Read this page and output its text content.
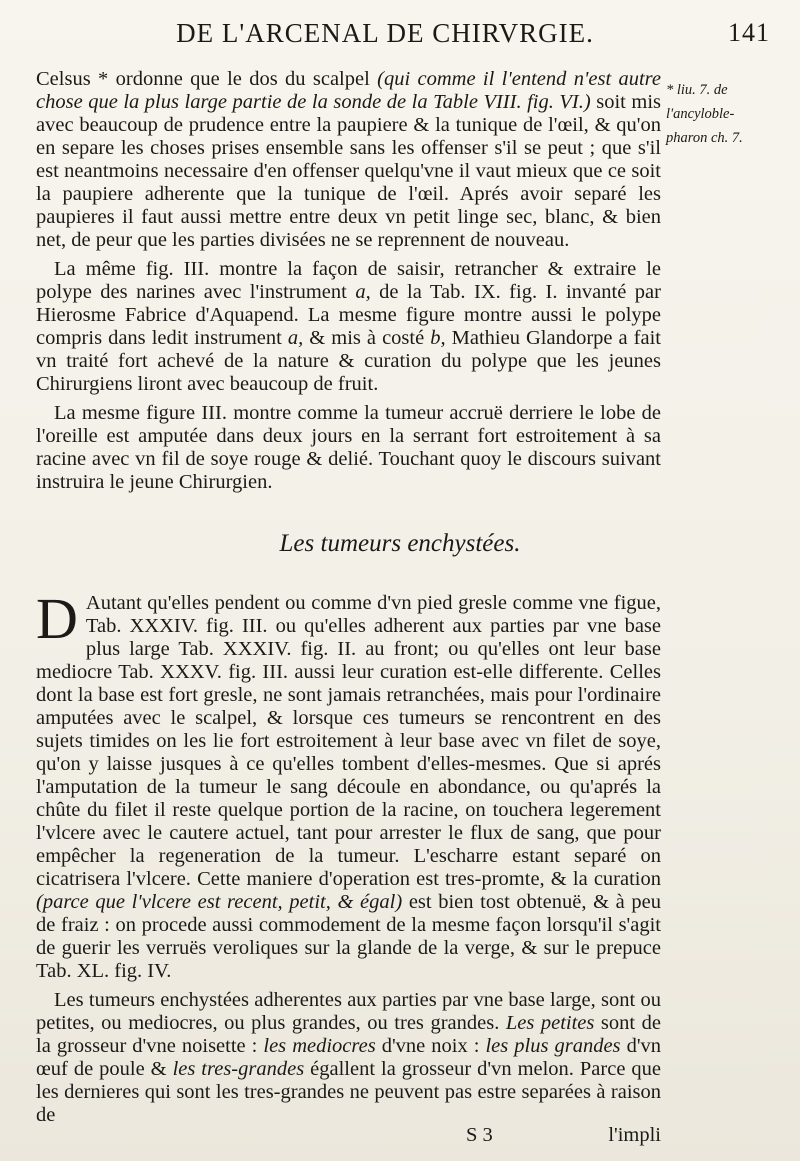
DE L'ARCENAL DE CHIRVRGIE.	141
* liu. 7. de
l'ancyloble-
pharon ch. 7.

Celsus * ordonne que le dos du scalpel (qui comme il l'entend n'est autre chose que la plus large partie de la sonde de la Table VIII. fig. VI.) soit mis avec beaucoup de prudence entre la paupiere & la tunique de l'œil, & qu'on en separe les choses prises ensemble sans les offenser s'il se peut ; que s'il est neantmoins necessaire d'en offenser quelqu'vne il vaut mieux que ce soit la paupiere adherente que la tunique de l'œil. Aprés avoir separé les paupieres il faut aussi mettre entre deux vn petit linge sec, blanc, & bien net, de peur que les parties divisées ne se reprennent de nouveau.

La même fig. III. montre la façon de saisir, retrancher & extraire le polype des narines avec l'instrument a, de la Tab. IX. fig. I. invanté par Hierosme Fabrice d'Aquapend. La mesme figure montre aussi le polype compris dans ledit instrument a, & mis à costé b, Mathieu Glandorpe a fait vn traité fort achevé de la nature & curation du polype que les jeunes Chirurgiens liront avec beaucoup de fruit.

La mesme figure III. montre comme la tumeur accruë derriere le lobe de l'oreille est amputée dans deux jours en la serrant fort estroitement à sa racine avec vn fil de soye rouge & delié. Touchant quoy le discours suivant instruira le jeune Chirurgien.

Les tumeurs enchystées.

D Autant qu'elles pendent ou comme d'vn pied gresle comme vne figue, Tab. XXXIV. fig. III. ou qu'elles adherent aux parties par vne base plus large Tab. XXXIV. fig. II. au front; ou qu'elles ont leur base mediocre Tab. XXXV. fig. III. aussi leur curation est-elle differente. Celles dont la base est fort gresle, ne sont jamais retranchées, mais pour l'ordinaire amputées avec le scalpel, & lorsque ces tumeurs se rencontrent en des sujets timides on les lie fort estroitement à leur base avec vn filet de soye, qu'on y laisse jusques à ce qu'elles tombent d'elles-mesmes. Que si aprés l'amputation de la tumeur le sang découle en abondance, ou qu'aprés la chûte du filet il reste quelque portion de la racine, on touchera legerement l'vlcere avec le cautere actuel, tant pour arrester le flux de sang, que pour empêcher la regeneration de la tumeur. L'escharre estant separé on cicatrisera l'vlcere. Cette maniere d'operation est tres-promte, & la curation (parce que l'vlcere est recent, petit, & égal) est bien tost obtenuë, & à peu de fraiz : on procede aussi commodement de la mesme façon lorsqu'il s'agit de guerir les verruës veroliques sur la glande de la verge, & sur le prepuce Tab. XL. fig. IV.

Les tumeurs enchystées adherentes aux parties par vne base large, sont ou petites, ou mediocres, ou plus grandes, ou tres grandes. Les petites sont de la grosseur d'vne noisette : les mediocres d'vne noix : les plus grandes d'vn œuf de poule & les tres-grandes égallent la grosseur d'vn melon. Parce que les dernieres qui sont les tres-grandes ne peuvent pas estre separées à raison de

S 3	l'impli
